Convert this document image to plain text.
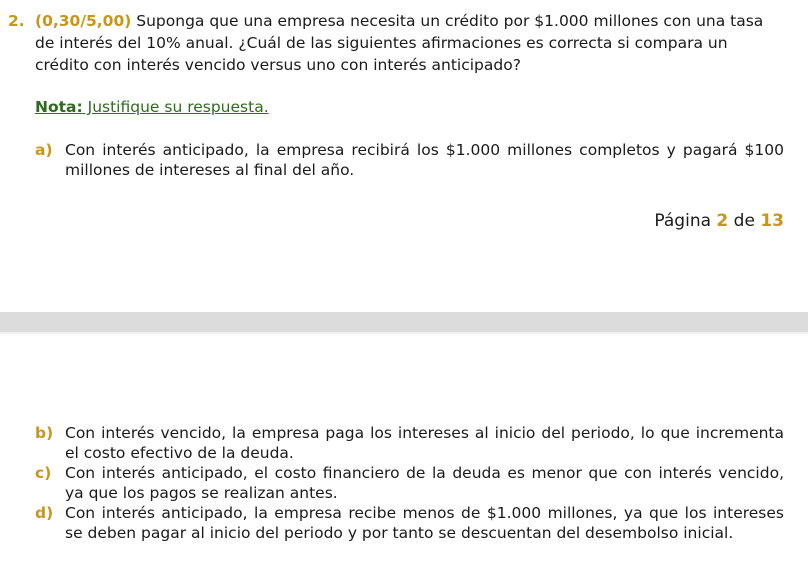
2. (0,30/5,00) Suponga que una empresa necesita un crédito por $1.000 millones con una tasa de interés del 10% anual. ¿Cuál de las siguientes afirmaciones es correcta si compara un crédito con interés vencido versus uno con interés anticipado?
Nota: Justifique su respuesta.
a) Con interés anticipado, la empresa recibirá los $1.000 millones completos y pagará $100 millones de intereses al final del año.
Página 2 de 13
b) Con interés vencido, la empresa paga los intereses al inicio del periodo, lo que incrementa el costo efectivo de la deuda.
c) Con interés anticipado, el costo financiero de la deuda es menor que con interés vencido, ya que los pagos se realizan antes.
d) Con interés anticipado, la empresa recibe menos de $1.000 millones, ya que los intereses se deben pagar al inicio del periodo y por tanto se descuentan del desembolso inicial.
